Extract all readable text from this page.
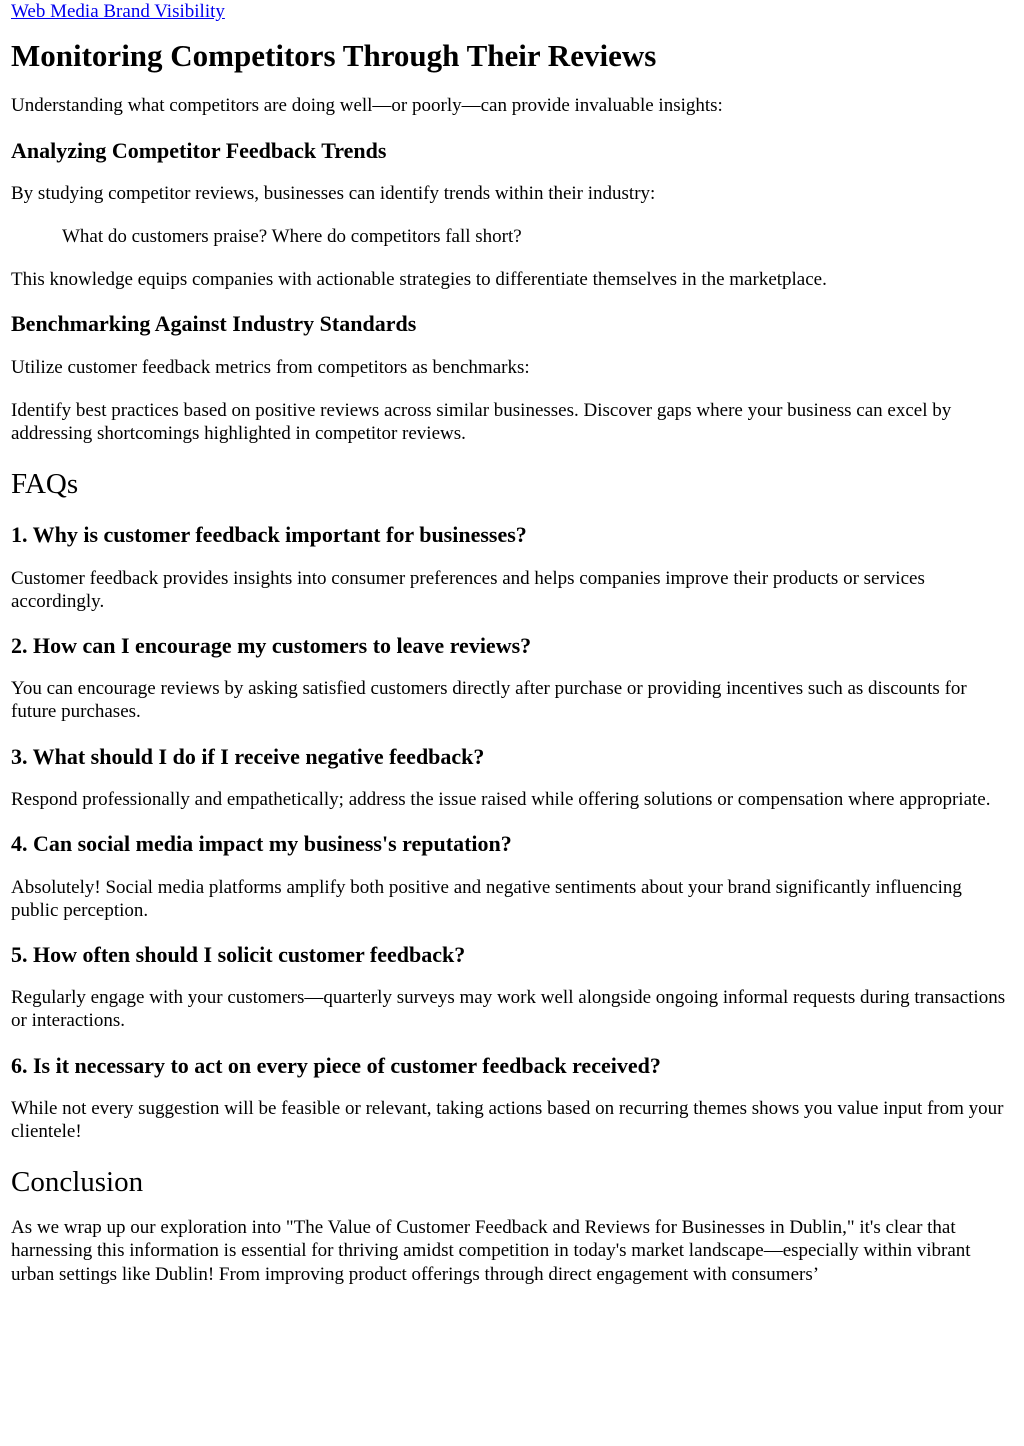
Web Media Brand Visibility
Monitoring Competitors Through Their Reviews

Understanding what competitors are doing well—or poorly—can provide invaluable insights:

Analyzing Competitor Feedback Trends

By studying competitor reviews, businesses can identify trends within their industry:

What do customers praise? Where do competitors fall short?

This knowledge equips companies with actionable strategies to differentiate themselves in the marketplace.

Benchmarking Against Industry Standards

Utilize customer feedback metrics from competitors as benchmarks:

Identify best practices based on positive reviews across similar businesses. Discover gaps where your business can excel by addressing shortcomings highlighted in competitor reviews.

FAQs
1. Why is customer feedback important for businesses?

Customer feedback provides insights into consumer preferences and helps companies improve their products or services accordingly.

2. How can I encourage my customers to leave reviews?

You can encourage reviews by asking satisfied customers directly after purchase or providing incentives such as discounts for future purchases.

3. What should I do if I receive negative feedback?

Respond professionally and empathetically; address the issue raised while offering solutions or compensation where appropriate.

4. Can social media impact my business's reputation?

Absolutely! Social media platforms amplify both positive and negative sentiments about your brand significantly influencing public perception.

5. How often should I solicit customer feedback?

Regularly engage with your customers—quarterly surveys may work well alongside ongoing informal requests during transactions or interactions.

6. Is it necessary to act on every piece of customer feedback received?

While not every suggestion will be feasible or relevant, taking actions based on recurring themes shows you value input from your clientele!

Conclusion

As we wrap up our exploration into "The Value of Customer Feedback and Reviews for Businesses in Dublin," it's clear that harnessing this information is essential for thriving amidst competition in today's market landscape—especially within vibrant urban settings like Dublin! From improving product offerings through direct engagement with consumers’
